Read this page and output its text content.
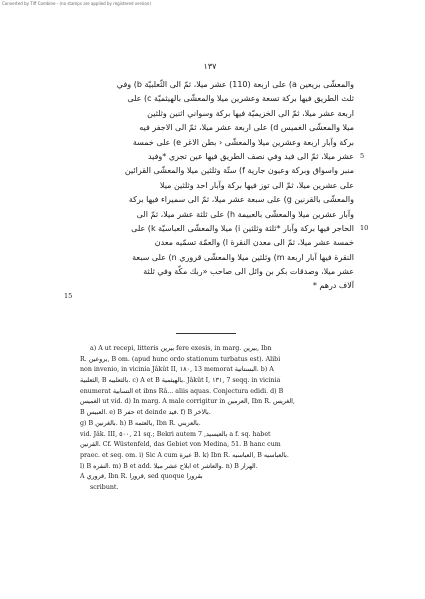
Converted by Tiff Combine - (no stamps are applied by registered version)
١٣٧
5
10
15
والمعشّى بريعين a) على اربعة (110) عشر ميلا، ثمّ الى الثّعلبيّة b) وفي
ثلث الطريق فيها بركة تسعة وعشرين ميلا والمعشّى بالهيثميّة c) على
اربعة عشر ميلا، ثمّ الى الخزيميّة فيها بركة وسواني اثنين وثلثين
ميلا والمعشّى الغميس d) على اربعة عشر ميلا، ثمّ الى الاجفر فيه
بركة وآبار اربعة وعشرين ميلا والمعشّى ‹ بطن الاغر e) على خمسة
عشر ميلا، ثمّ الى فيد وفي نصف الطريق فيها عين تجري *وفيد
منبر واسواق وبركة وعيون جارية f) ستّة وثلثين ميلا والمعشّى القرائين
على عشرين ميلا، ثمّ الى توز فيها بركة وآبار احد وثلثين ميلا
والمعشّى بالقرنين g) على سبعة عشر ميلا، ثمّ الى سميراء فيها بركة
وآبار عشرين ميلا والمعشّى بالعبيمة h) على ثلثة عشر ميلا، ثمّ الى
الحاجر فيها بركة وآبار *ثلثة وثلثين i) ميلا والمعشّى العباسيّة k) على
خمسة عشر ميلا، ثمّ الى معدن النقرة l) والعمّة تسمّيه معدن
النقرة فيها آبار اربعة m) وثلثين ميلا والمعشّى قروري n) على سبعة
عشر ميلا، وصدقات بكر بن وائل الى صاحب «ربك مكّة وفي ثلثة
آلاف درهم *
a) A ut recepi, litteris بيرين fere exesis, in marg. بيرين, Ibn
R. بروعين, B om. (apud hunc ordo stationum turbatus est). Alibi
non invenio, in vicinia Jâkût II, ١٨٠, 13 memorat البستانية. b) A
الثعلبية, B بالثعلبيه. c) A et B بالهيثمية. Jâkût I, ١٣١, 7 seqq. in vicinia
enumerat التسابية et ibns Râ... aliis aquas. Conjectura edidi. d) B
الغميس ut vid. d) In marg. A male corrigitur in العرمين, Ibn R. الغريس,
B العبيس. e) B حفر et deinde فيد. f) B بالاخر.
g) B بالغرنين. h) B بالعثمه, Ibn R. بالعربني.
vid. Jâk. III, ٥٠٠, 21 sq.; Bekri autem بالعيسيد, 7 a f. sq. habet
القرنين. Cf. Wüstenfeld, das Gebiet von Medina, 51. B hanc cum
praec. et seq. om. i) Sic A cum عيرة B. k) Ibn R. العباسيه, B بالعباسيه.
l) B النفره. m) B et add. ابلاح عشر ميلا et والعاشر. n) B الهرار.
A قروري, Ibn R. قرورا, sed quoque بقرورا
scribunt.
